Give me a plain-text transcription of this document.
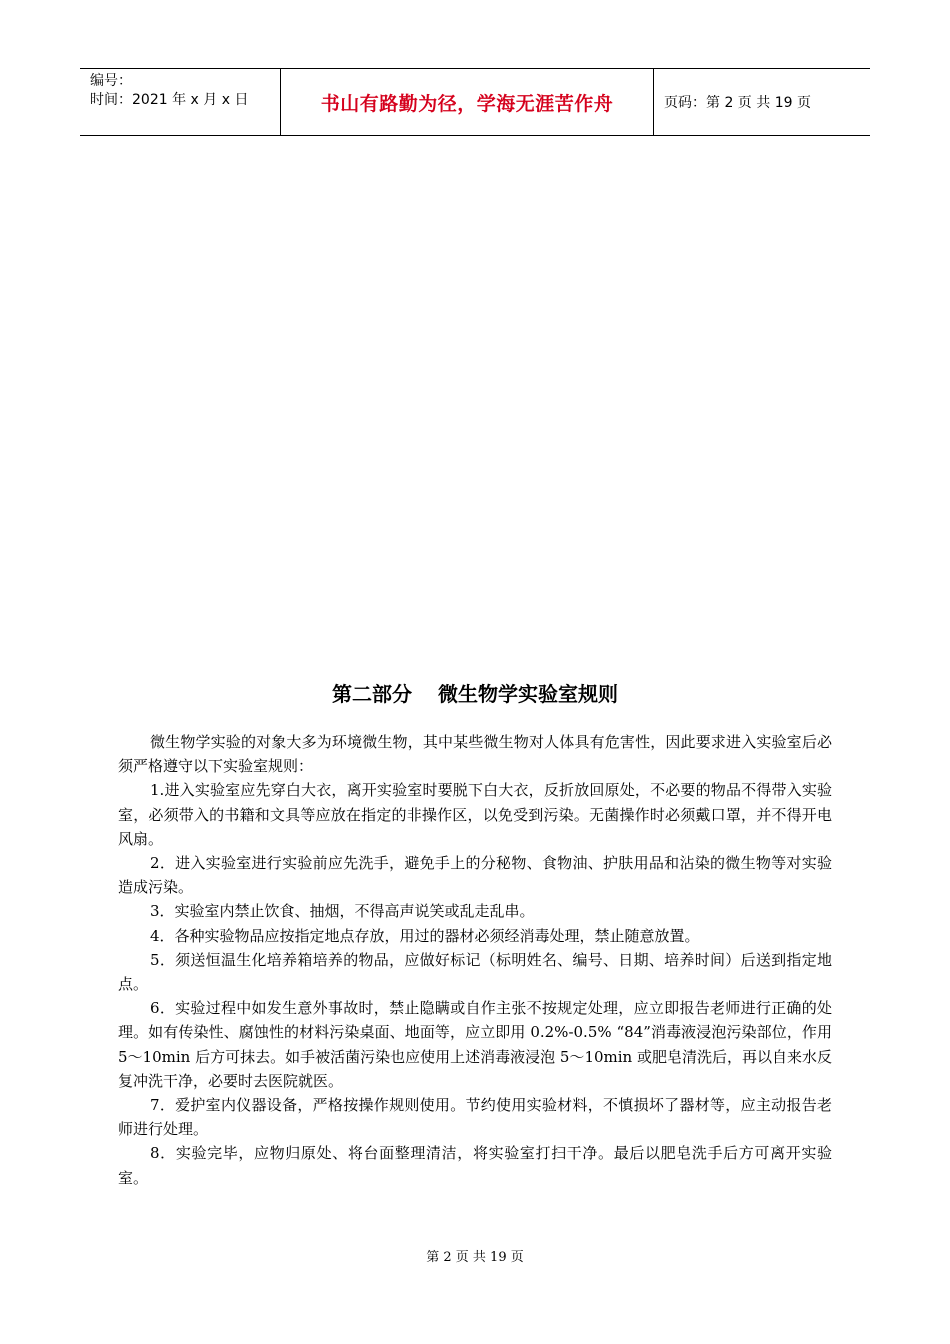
编号：
时间：2021 年 x 月 x 日	书山有路勤为径，学海无涯苦作舟	页码：第 2 页 共 19 页
第二部分 微生物学实验室规则

微生物学实验的对象大多为环境微生物，其中某些微生物对人体具有危害性，因此要求进入实验室后必须严格遵守以下实验室规则：

1.进入实验室应先穿白大衣，离开实验室时要脱下白大衣，反折放回原处，不必要的物品不得带入实验室，必须带入的书籍和文具等应放在指定的非操作区，以免受到污染。无菌操作时必须戴口罩，并不得开电风扇。

2．进入实验室进行实验前应先洗手，避免手上的分秘物、食物油、护肤用品和沾染的微生物等对实验造成污染。

3．实验室内禁止饮食、抽烟，不得高声说笑或乱走乱串。

4．各种实验物品应按指定地点存放，用过的器材必须经消毒处理，禁止随意放置。

5．须送恒温生化培养箱培养的物品，应做好标记（标明姓名、编号、日期、培养时间）后送到指定地点。

6．实验过程中如发生意外事故时，禁止隐瞒或自作主张不按规定处理，应立即报告老师进行正确的处理。如有传染性、腐蚀性的材料污染桌面、地面等，应立即用 0.2%-0.5% “84”消毒液浸泡污染部位，作用 5～10min 后方可抹去。如手被活菌污染也应使用上述消毒液浸泡 5～10min 或肥皂清洗后，再以自来水反复冲洗干净，必要时去医院就医。

7．爱护室内仪器设备，严格按操作规则使用。节约使用实验材料，不慎损坏了器材等，应主动报告老师进行处理。

8．实验完毕，应物归原处、将台面整理清洁，将实验室打扫干净。最后以肥皂洗手后方可离开实验室。

第 2 页 共 19 页
